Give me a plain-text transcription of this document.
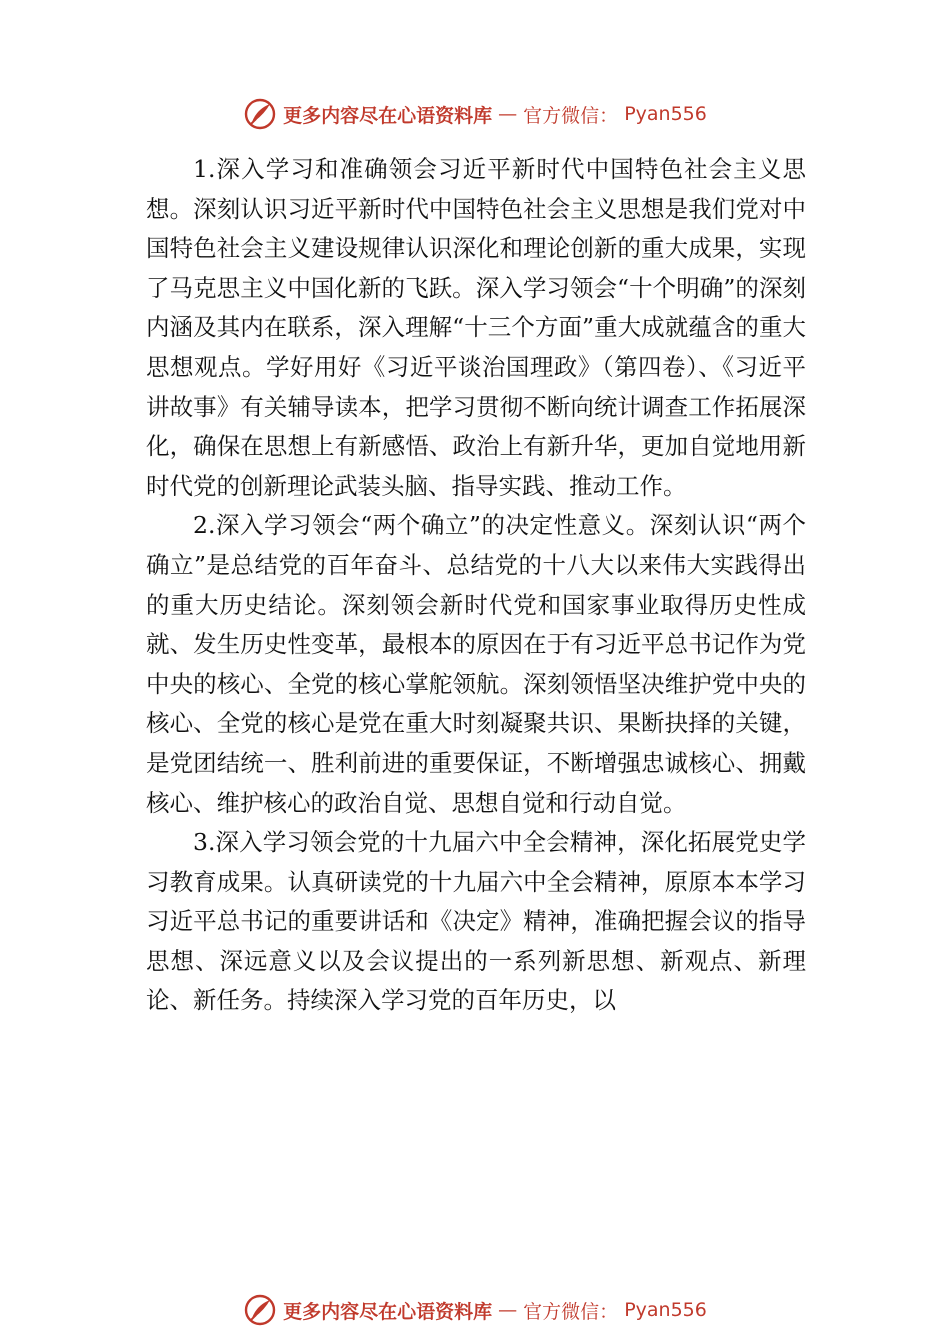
更多内容尽在心语资料库 — 官方微信： Pyan556

1.深入学习和准确领会习近平新时代中国特色社会主义思想。深刻认识习近平新时代中国特色社会主义思想是我们党对中国特色社会主义建设规律认识深化和理论创新的重大成果，实现了马克思主义中国化新的飞跃。深入学习领会“十个明确”的深刻内涵及其内在联系，深入理解“十三个方面”重大成就蕴含的重大思想观点。学好用好《习近平谈治国理政》（第四卷）、《习近平讲故事》有关辅导读本，把学习贯彻不断向统计调查工作拓展深化，确保在思想上有新感悟、政治上有新升华，更加自觉地用新时代党的创新理论武装头脑、指导实践、推动工作。

2.深入学习领会“两个确立”的决定性意义。深刻认识“两个确立”是总结党的百年奋斗、总结党的十八大以来伟大实践得出的重大历史结论。深刻领会新时代党和国家事业取得历史性成就、发生历史性变革，最根本的原因在于有习近平总书记作为党中央的核心、全党的核心掌舵领航。深刻领悟坚决维护党中央的核心、全党的核心是党在重大时刻凝聚共识、果断抉择的关键，是党团结统一、胜利前进的重要保证，不断增强忠诚核心、拥戴核心、维护核心的政治自觉、思想自觉和行动自觉。

3.深入学习领会党的十九届六中全会精神，深化拓展党史学习教育成果。认真研读党的十九届六中全会精神，原原本本学习习近平总书记的重要讲话和《决定》精神，准确把握会议的指导思想、深远意义以及会议提出的一系列新思想、新观点、新理论、新任务。持续深入学习党的百年历史，以

更多内容尽在心语资料库 — 官方微信： Pyan556
